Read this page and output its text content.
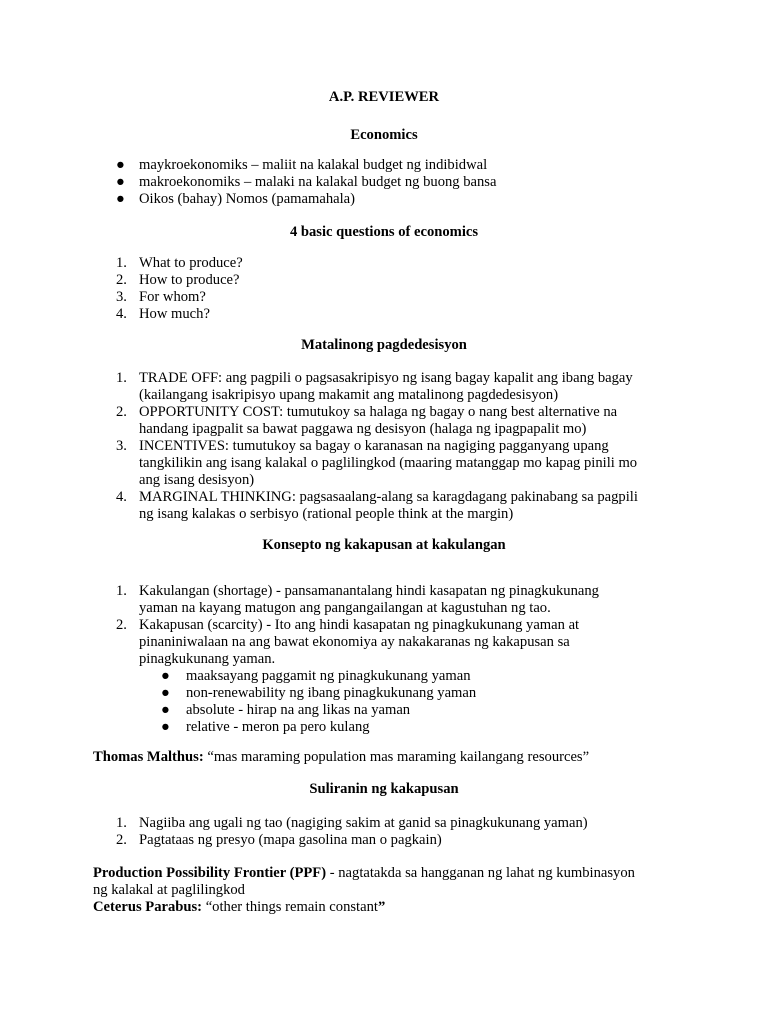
A.P. REVIEWER
Economics
● maykroekonomiks – maliit na kalakal budget ng indibidwal
● makroekonomiks – malaki na kalakal budget ng buong bansa
● Oikos (bahay) Nomos (pamamahala)
4 basic questions of economics
1. What to produce?
2. How to produce?
3. For whom?
4. How much?
Matalinong pagdedesisyon
1. TRADE OFF: ang pagpili o pagsasakripisyo ng isang bagay kapalit ang ibang bagay
(kailangang isakripisyo upang makamit ang matalinong pagdedesisyon)
2. OPPORTUNITY COST: tumutukoy sa halaga ng bagay o nang best alternative na
handang ipagpalit sa bawat paggawa ng desisyon (halaga ng ipagpapalit mo)
3. INCENTIVES: tumutukoy sa bagay o karanasan na nagiging pagganyang upang
tangkilikin ang isang kalakal o paglilingkod (maaring matanggap mo kapag pinili mo
ang isang desisyon)
4. MARGINAL THINKING: pagsasaalang-alang sa karagdagang pakinabang sa pagpili
ng isang kalakas o serbisyo (rational people think at the margin)
Konsepto ng kakapusan at kakulangan
1. Kakulangan (shortage) - pansamanantalang hindi kasapatan ng pinagkukunang
yaman na kayang matugon ang pangangailangan at kagustuhan ng tao.
2. Kakapusan (scarcity) - Ito ang hindi kasapatan ng pinagkukunang yaman at
pinaniniwalaan na ang bawat ekonomiya ay nakakaranas ng kakapusan sa
pinagkukunang yaman.
● maaksayang paggamit ng pinagkukunang yaman
● non-renewability ng ibang pinagkukunang yaman
● absolute - hirap na ang likas na yaman
● relative - meron pa pero kulang
Thomas Malthus: “mas maraming population mas maraming kailangang resources”
Suliranin ng kakapusan
1. Nagiiba ang ugali ng tao (nagiging sakim at ganid sa pinagkukunang yaman)
2. Pagtataas ng presyo (mapa gasolina man o pagkain)
Production Possibility Frontier (PPF) - nagtatakda sa hangganan ng lahat ng kumbinasyon
ng kalakal at paglilingkod
Ceterus Parabus: “other things remain constant”
